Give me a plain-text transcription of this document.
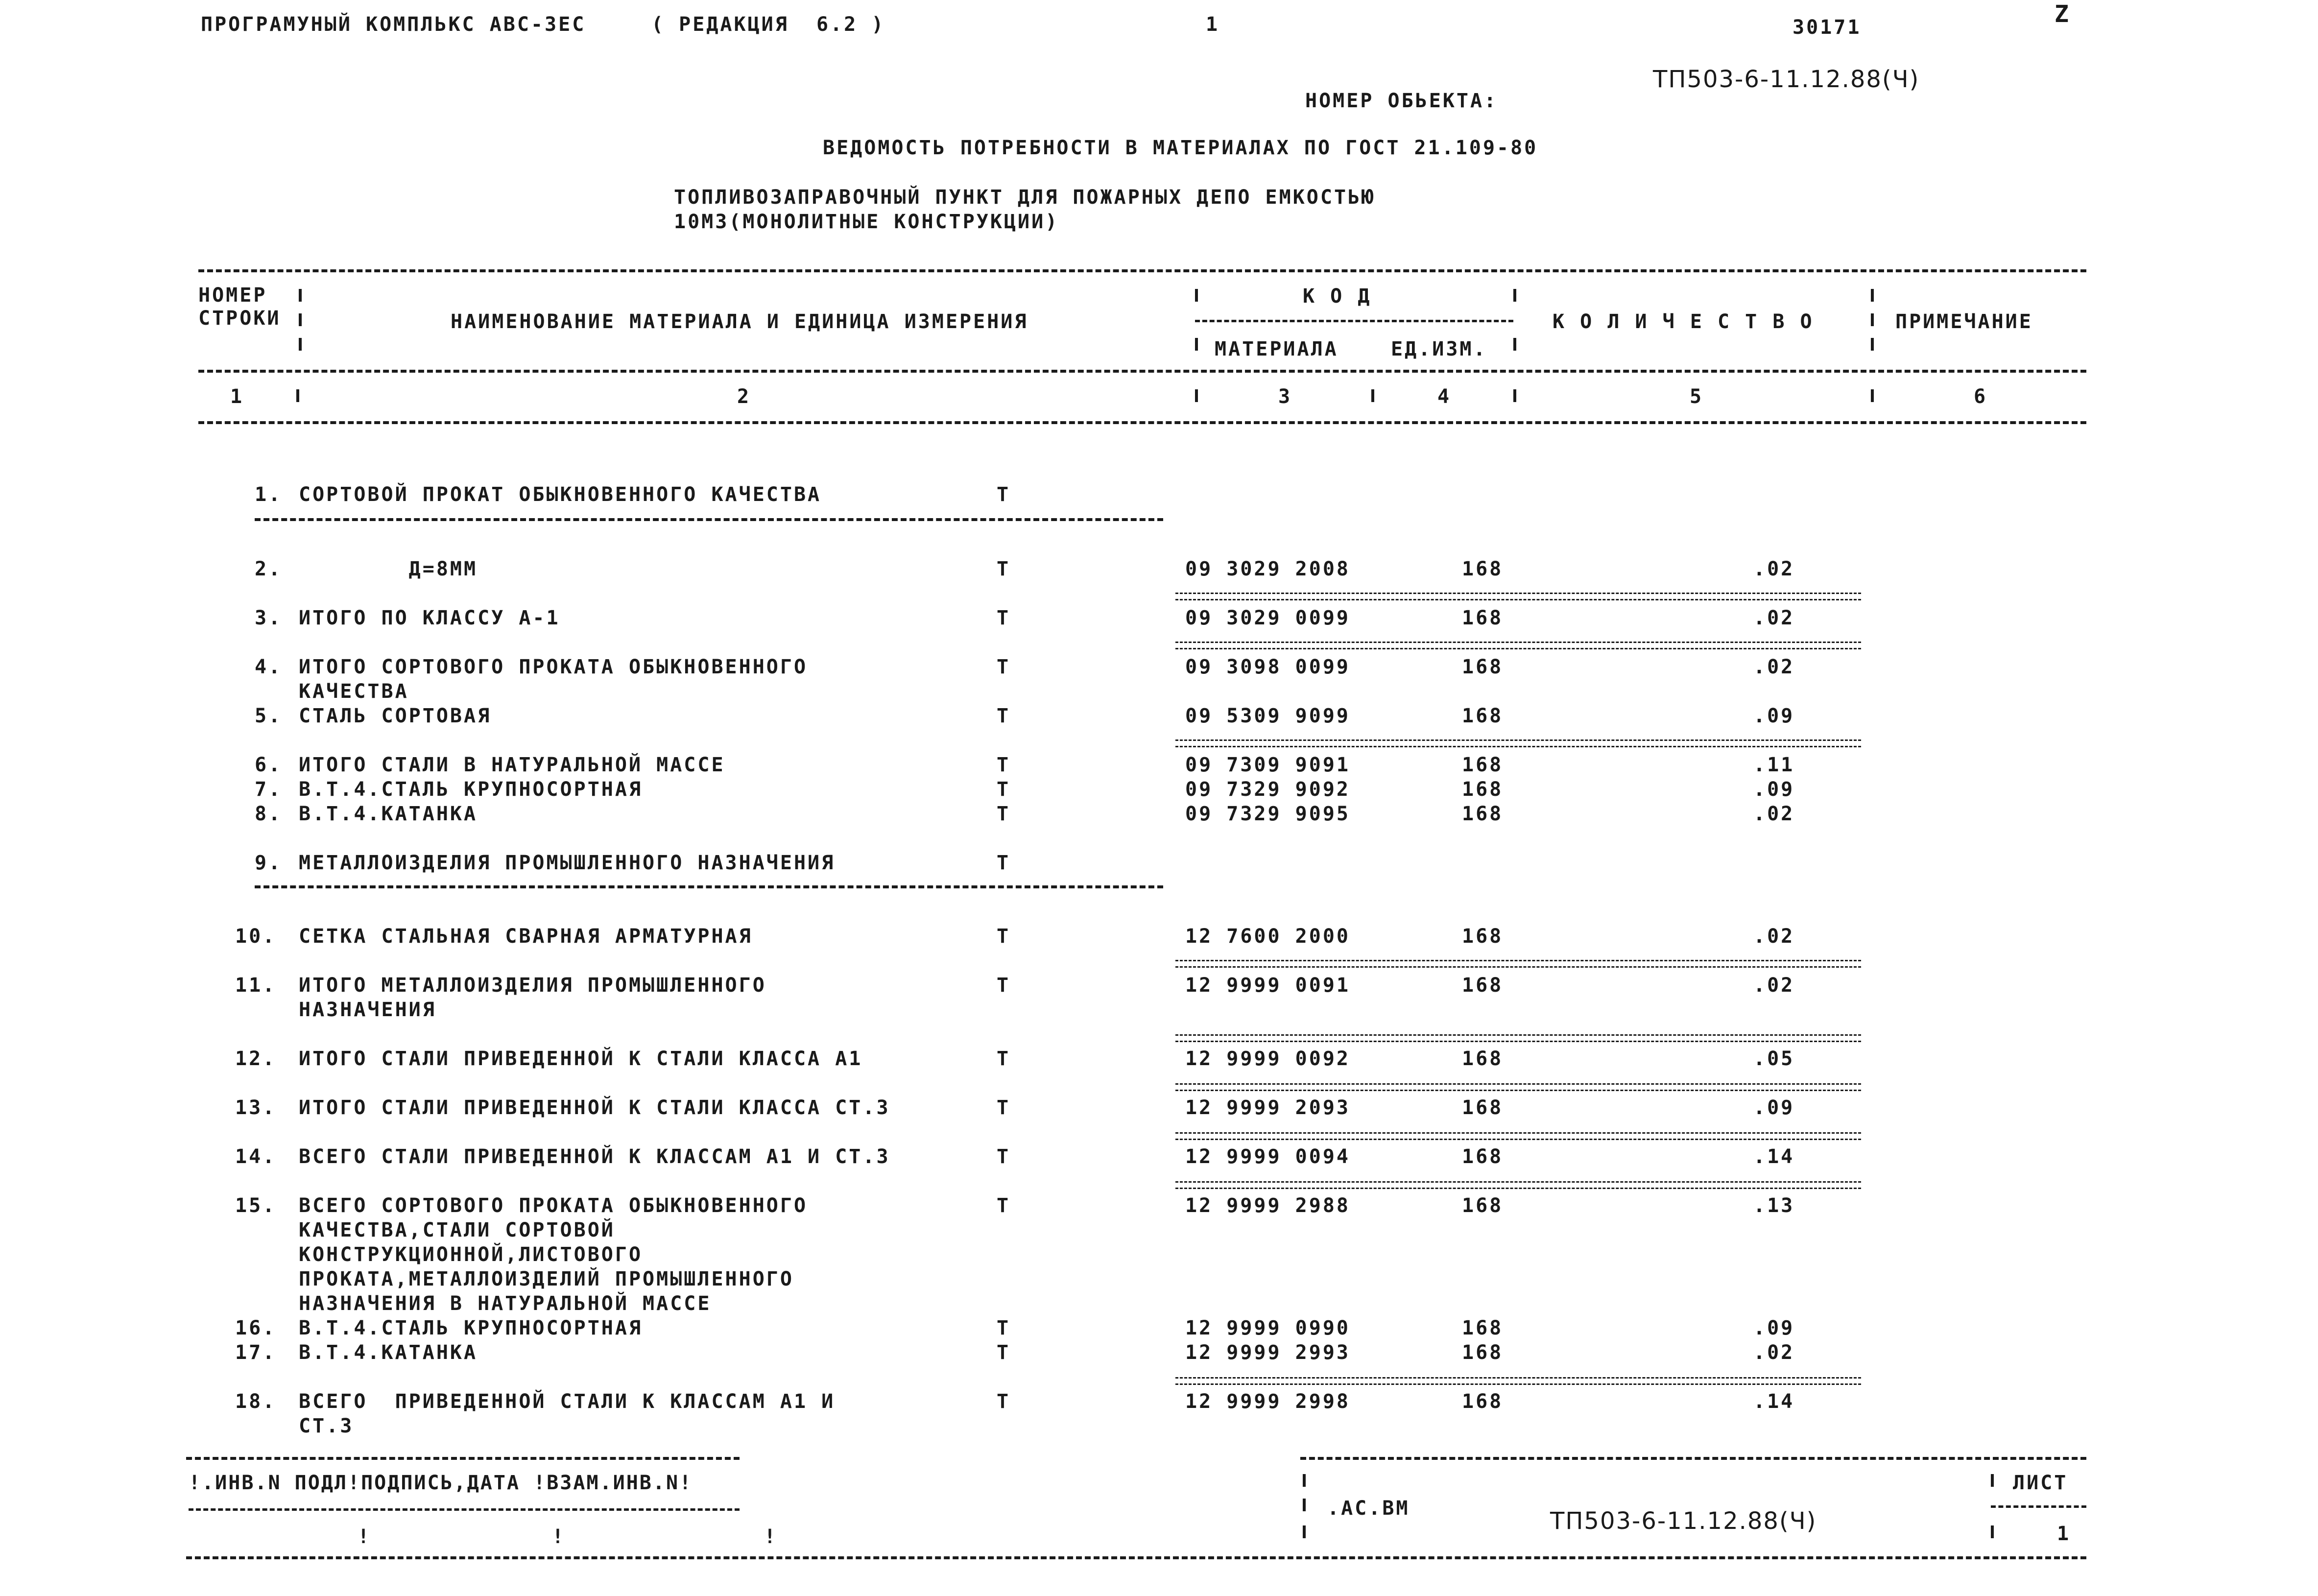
ПРОГРАМУНЫЙ КОМПЛЬКС АВС-ЗЕС	( РЕДАКЦИЯ  6.2 )	1	30171	Z
ТП503-6-11.12.88(Ч)
НОМЕР ОБЬЕКТА:
ВЕДОМОСТЬ ПОТРЕБНОСТИ В МАТЕРИАЛАХ ПО ГОСТ 21.109-80
ТОПЛИВОЗАПРАВОЧНЫЙ ПУНКТ ДЛЯ ПОЖАРНЫХ ДЕПО ЕМКОСТЬЮ
10М3(МОНОЛИТНЫЕ КОНСТРУКЦИИ)
НОМЕР
СТРОКИ	НАИМЕНОВАНИЕ МАТЕРИАЛА И ЕДИНИЦА ИЗМЕРЕНИЯ
К О Д
МАТЕРИАЛА	ЕД.ИЗМ.
К О Л И Ч Е С Т В О	ПРИМЕЧАНИЕ
1	2	3	4	5	6
1. СОРТОВОЙ ПРОКАТ ОБЫКНОВЕННОГО КАЧЕСТВА	Т
2. Д=8ММ	Т	09 3029 2008	168	.02
3. ИТОГО ПО КЛАССУ А-1	Т	09 3029 0099	168	.02
4. ИТОГО СОРТОВОГО ПРОКАТА ОБЫКНОВЕННОГО
КАЧЕСТВА
Т	09 3098 0099	168	.02
5. СТАЛЬ СОРТОВАЯ	Т	09 5309 9099	168	.09
6. ИТОГО СТАЛИ В НАТУРАЛЬНОЙ МАССЕ	Т	09 7309 9091	168	.11
7. В.Т.4.СТАЛЬ КРУПНОСОРТНАЯ	Т	09 7329 9092	168	.09
8. В.Т.4.КАТАНКА	Т	09 7329 9095	168	.02
9. МЕТАЛЛОИЗДЕЛИЯ ПРОМЫШЛЕННОГО НАЗНАЧЕНИЯ	Т
10. СЕТКА СТАЛЬНАЯ СВАРНАЯ АРМАТУРНАЯ	Т	12 7600 2000	168	.02
11. ИТОГО МЕТАЛЛОИЗДЕЛИЯ ПРОМЫШЛЕННОГО
НАЗНАЧЕНИЯ
Т	12 9999 0091	168	.02
12. ИТОГО СТАЛИ ПРИВЕДЕННОЙ К СТАЛИ КЛАССА А1	Т	12 9999 0092	168	.05
13. ИТОГО СТАЛИ ПРИВЕДЕННОЙ К СТАЛИ КЛАССА СТ.3	Т	12 9999 2093	168	.09
14. ВСЕГО СТАЛИ ПРИВЕДЕННОЙ К КЛАССАМ А1 И СТ.3	Т	12 9999 0094	168	.14
15. ВСЕГО СОРТОВОГО ПРОКАТА ОБЫКНОВЕННОГО
КАЧЕСТВА,СТАЛИ СОРТОВОЙ
КОНСТРУКЦИОННОЙ,ЛИСТОВОГО
ПРОКАТА,МЕТАЛЛОИЗДЕЛИЙ ПРОМЫШЛЕННОГО
НАЗНАЧЕНИЯ В НАТУРАЛЬНОЙ МАССЕ
Т	12 9999 2988	168	.13
16. В.Т.4.СТАЛЬ КРУПНОСОРТНАЯ	Т	12 9999 0990	168	.09
17. В.Т.4.КАТАНКА	Т	12 9999 2993	168	.02
18. ВСЕГО  ПРИВЕДЕННОЙ СТАЛИ К КЛАССАМ А1 И
СТ.3
Т	12 9999 2998	168	.14
!.ИНВ.N ПОДЛ!ПОДПИСЬ,ДАТА !ВЗАМ.ИНВ.N!
!          !           !
.АС.ВМ	ТП503-6-11.12.88(Ч)
ЛИСТ
1
